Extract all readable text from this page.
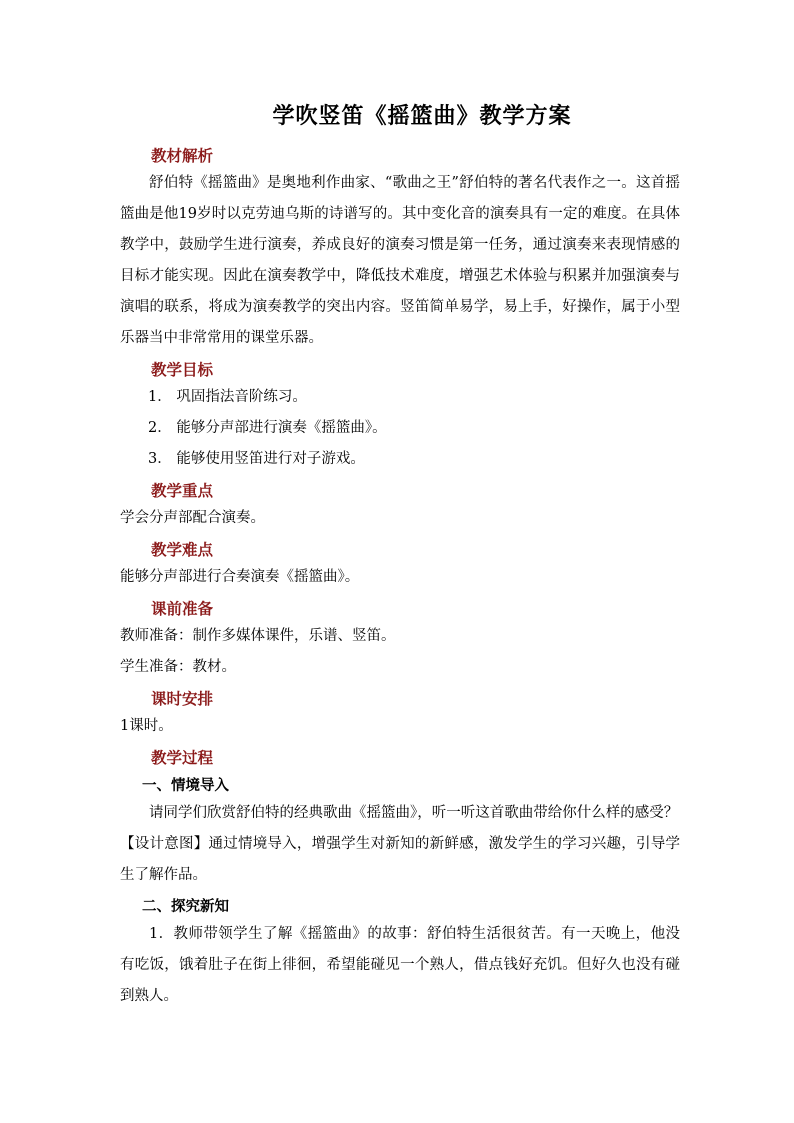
学吹竖笛《摇篮曲》教学方案
教材解析
舒伯特《摇篮曲》是奥地利作曲家、“歌曲之王”舒伯特的著名代表作之一。这首摇篮曲是他19岁时以克劳迪乌斯的诗谱写的。其中变化音的演奏具有一定的难度。在具体教学中，鼓励学生进行演奏，养成良好的演奏习惯是第一任务，通过演奏来表现情感的目标才能实现。因此在演奏教学中，降低技术难度，增强艺术体验与积累并加强演奏与演唱的联系，将成为演奏教学的突出内容。竖笛简单易学，易上手，好操作，属于小型乐器当中非常常用的课堂乐器。
教学目标
1． 巩固指法音阶练习。
2． 能够分声部进行演奏《摇篮曲》。
3． 能够使用竖笛进行对子游戏。
教学重点
学会分声部配合演奏。
教学难点
能够分声部进行合奏演奏《摇篮曲》。
课前准备
教师准备：制作多媒体课件，乐谱、竖笛。
学生准备：教材。
课时安排
1课时。
教学过程
一、情境导入
请同学们欣赏舒伯特的经典歌曲《摇篮曲》，听一听这首歌曲带给你什么样的感受？
【设计意图】通过情境导入，增强学生对新知的新鲜感，激发学生的学习兴趣，引导学生了解作品。
二、探究新知
1．教师带领学生了解《摇篮曲》的故事：舒伯特生活很贫苦。有一天晚上，他没有吃饭，饿着肚子在街上徘徊，希望能碰见一个熟人，借点钱好充饥。但好久也没有碰到熟人。
